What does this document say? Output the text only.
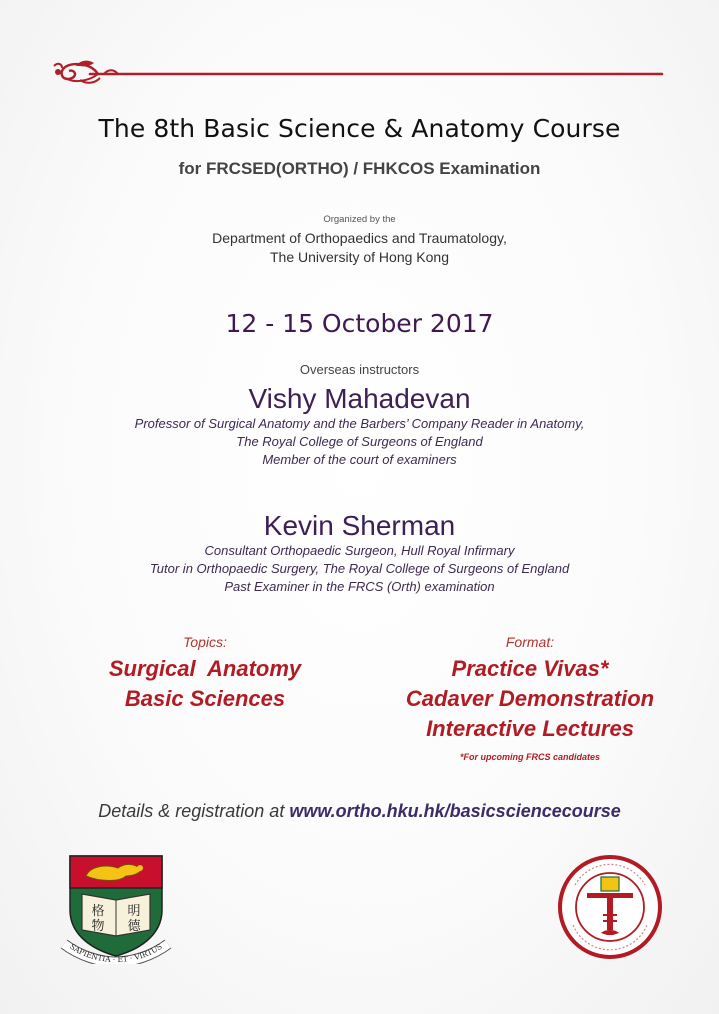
The 8th Basic Science & Anatomy Course
for FRCSED(ORTHO) / FHKCOS Examination
Organized by the
Department of Orthopaedics and Traumatology,
The University of Hong Kong
12 - 15 October 2017
Overseas instructors
Vishy Mahadevan
Professor of Surgical Anatomy and the Barbers’ Company Reader in Anatomy,
The Royal College of Surgeons of England
Member of the court of examiners
Kevin Sherman
Consultant Orthopaedic Surgeon, Hull Royal Infirmary
Tutor in Orthopaedic Surgery, The Royal College of Surgeons of England
Past Examiner in the FRCS (Orth) examination
Topics:
Surgical  Anatomy
Basic Sciences
Format:
Practice Vivas*
Cadaver Demonstration
Interactive Lectures
*For upcoming FRCS candidates
Details & registration at www.ortho.hku.hk/basicsciencecourse
格 明
物 德
SAPIENTIA · ET · VIRTUS
